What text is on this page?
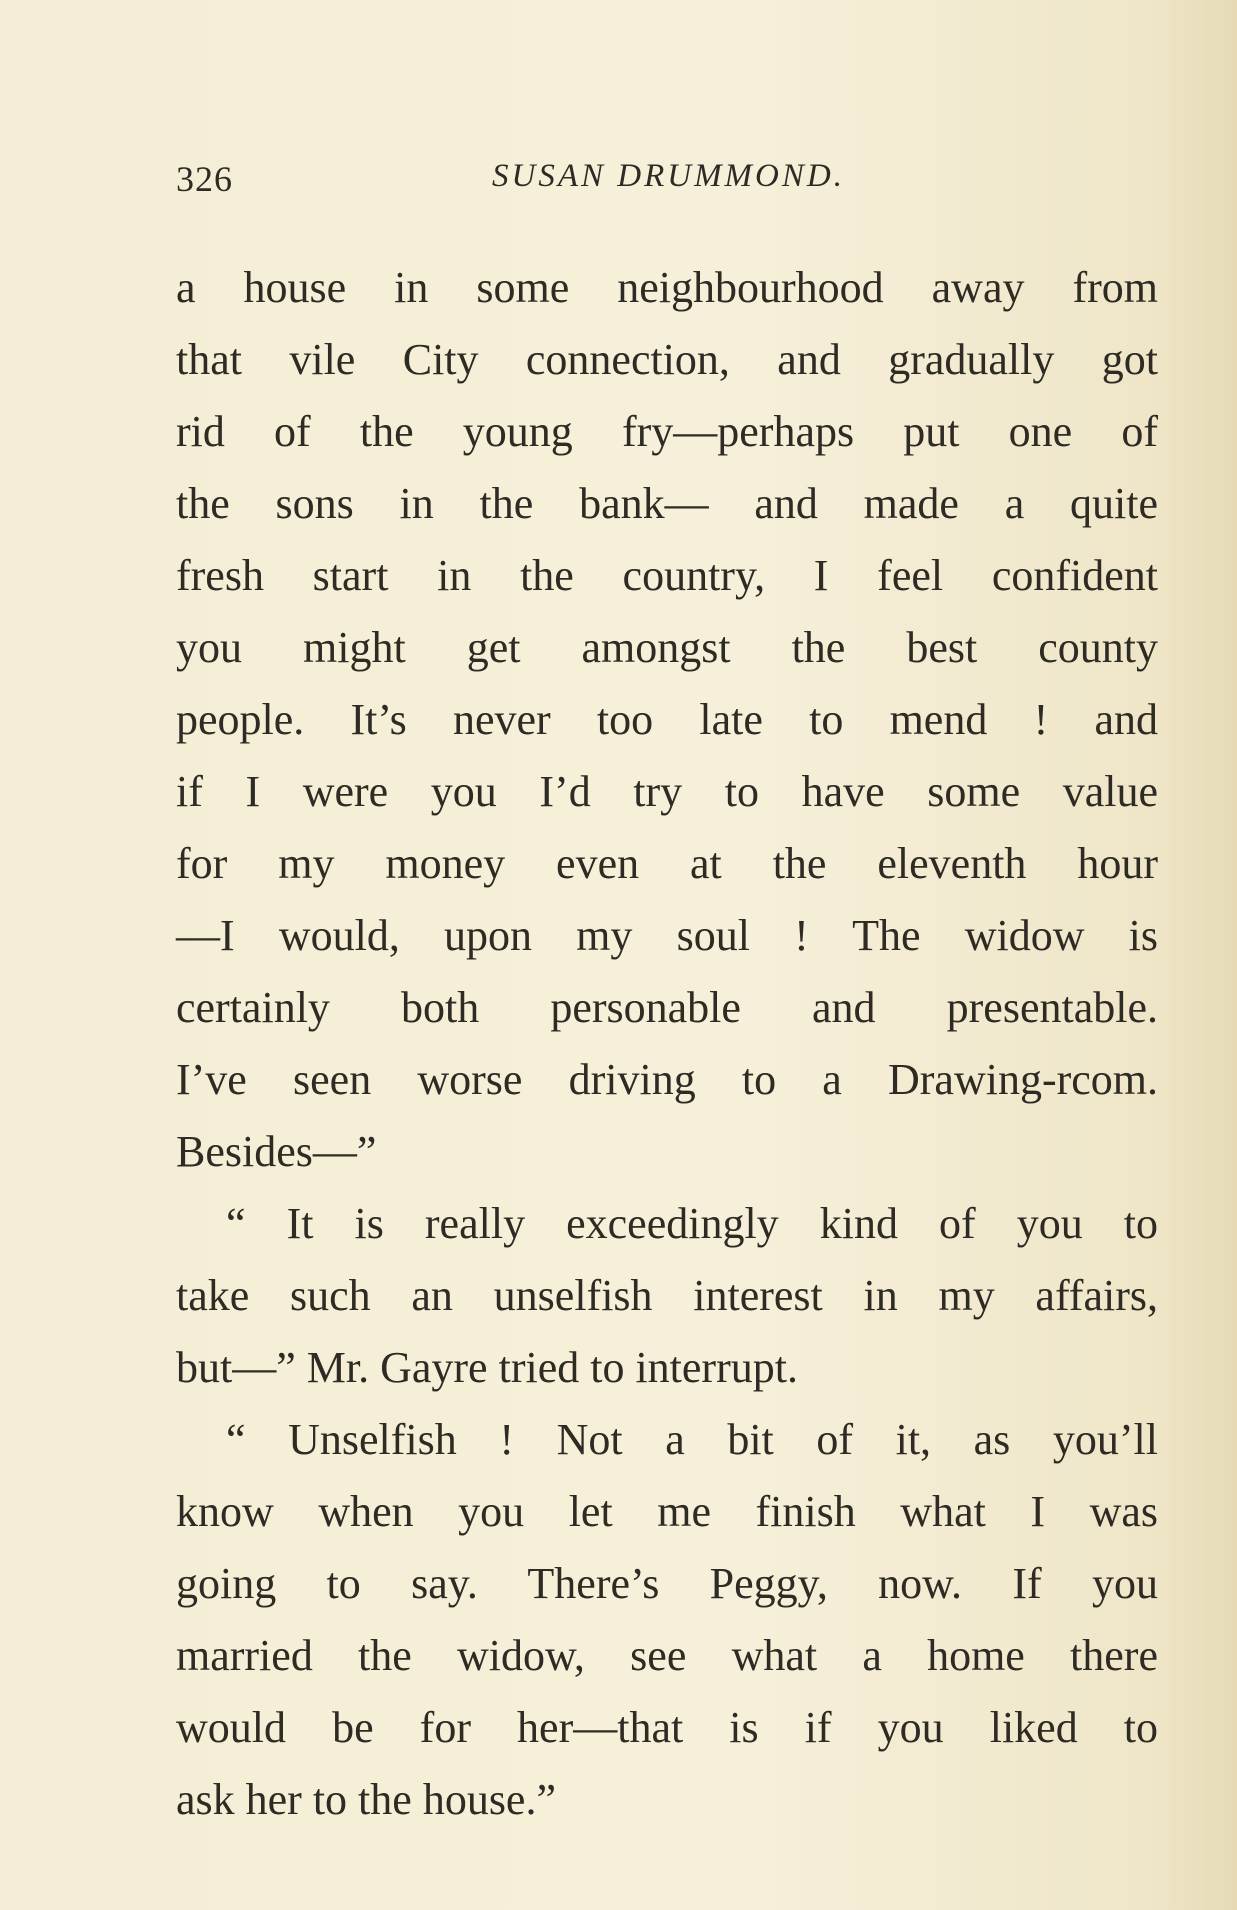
326	SUSAN DRUMMOND.
a house in some neighbourhood away from
that vile City connection, and gradually got
rid of the young fry—perhaps put one of
the sons in the bank— and made a quite
fresh start in the country, I feel confident
you might get amongst the best county
people. It’s never too late to mend ! and
if I were you I’d try to have some value
for my money even at the eleventh hour
—I would, upon my soul ! The widow is
certainly both personable and presentable.
I’ve seen worse driving to a Drawing-rcom.
Besides—”
“ It is really exceedingly kind of you to
take such an unselfish interest in my affairs,
but—” Mr. Gayre tried to interrupt.
“ Unselfish ! Not a bit of it, as you’ll
know when you let me finish what I was
going to say. There’s Peggy, now. If you
married the widow, see what a home there
would be for her—that is if you liked to
ask her to the house.”
